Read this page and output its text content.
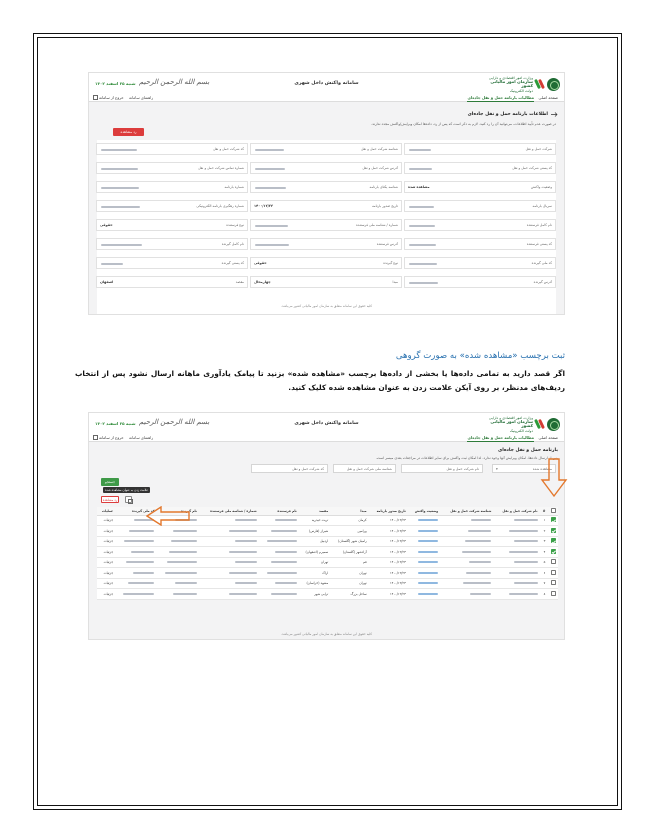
وزارت امور اقتصادی و دارایی
سازمان امور مالیاتی کشور
دولت الکترونیک
سامانه واکنش داخل شهری
بسم الله الرحمن الرحیم
شنبه ۲۵ اسفند ۱۴۰۲
صفحه اصلی
مطالبات بارنامه حمل و نقل جاده‌ای
راهنمای سامانه
خروج از سامانه
اطلاعات بارنامه حمل و نقل جاده‌ای
در صورت عدم تأیید اطلاعات، می‌توانید آن را رد کنید. لازم به ذکر است که پس از رد، داده‌ها امکان ویرایش/واکنش مجدد ندارند.
رد مشاهده
شرکت حمل و نقل
شناسه شرکت حمل و نقل
کد شرکت حمل و نقل
کد پستی شرکت حمل و نقل
آدرس شرکت حمل و نقل
شماره تماس شرکت حمل و نقل
وضعیت واکنش
مشاهده شده
شناسه یکتای بارنامه
شماره بارنامه
سریال بارنامه
تاریخ صدور بارنامه
۱۴۰۰/۱۲/۲۳
شماره رهگیری بارنامه الکترونیکی
نام کامل فرستنده
شماره / شناسه ملی فرستنده
نوع فرستنده
حقوقی
کد پستی فرستنده
آدرس فرستنده
نام کامل گیرنده
کد ملی گیرنده
نوع گیرنده
حقوقی
کد پستی گیرنده
آدرس گیرنده
مبدا
چهارمحال
مقصد
اصفهان
کلیه حقوق این سامانه متعلق به سازمان امور مالیاتی کشور می‌باشد.
ثبت برچسب «مشاهده شده» به صورت گروهی
اگر قصد دارید به تمامی داده‌ها یا بخشی از داده‌ها برچسب «مشاهده شده» بزنید تا پیامک یادآوری ماهانه ارسال نشود پس از انتخاب ردیف‌های مدنظر، بر روی آیکن علامت زدن به عنوان مشاهده شده کلیک کنید.
وزارت امور اقتصادی و دارایی
سازمان امور مالیاتی کشور
دولت الکترونیک
سامانه واکنش داخل شهری
بسم الله الرحمن الرحیم
شنبه ۲۵ اسفند ۱۴۰۲
صفحه اصلی
مطالبات بارنامه حمل و نقل جاده‌ای
راهنمای سامانه
خروج از سامانه
بارنامه حمل و نقل جاده‌ای
پس از ارسال داده‌ها، امکان ویرایش آنها وجود ندارد. لذا امکان ثبت واکنش برای سایر اطلاعات در مراجعات بعدی میسر است.
مشاهده شده
▾
نام شرکت حمل و نقل
شناسه ملی شرکت حمل و نقل
کد شرکت حمل و نقل
جستجو
علامت زدن به عنوان مشاهده شده
رد مشاهده
	#	نام شرکت حمل و نقل	شناسه شرکت حمل و نقل	وضعیت واکنش	تاریخ صدور بارنامه	مبدا	مقصد	نام فرستنده	شماره / شناسه ملی فرستنده	نام گیرنده	کد ملی گیرنده	عملیات
	۱				۱۴۰۰/۱۲/۲۳	کرمان	تربت حیدریه					جزئیات
	۲				۱۴۰۰/۱۲/۲۳	ورامین	شیراز (فارس)					جزئیات
	۳				۱۴۰۰/۱۲/۲۳	رامیان شهر (گلستان)	اردبیل					جزئیات
	۴				۱۴۰۰/۱۲/۲۳	آزادشهر (گلستان)	سمیرم (اصفهان)					جزئیات
	۵				۱۴۰۰/۱۲/۲۳	قم	تهران					جزئیات
	۶				۱۴۰۰/۱۲/۲۳	تهران	اراک					جزئیات
	۷				۱۴۰۰/۱۲/۲۳	تهران	مشهد (خراسان)					جزئیات
	۸				۱۴۰۰/۱۲/۲۳	ساحل بزرگ	ترابی شهر					جزئیات
کلیه حقوق این سامانه متعلق به سازمان امور مالیاتی کشور می‌باشد.
